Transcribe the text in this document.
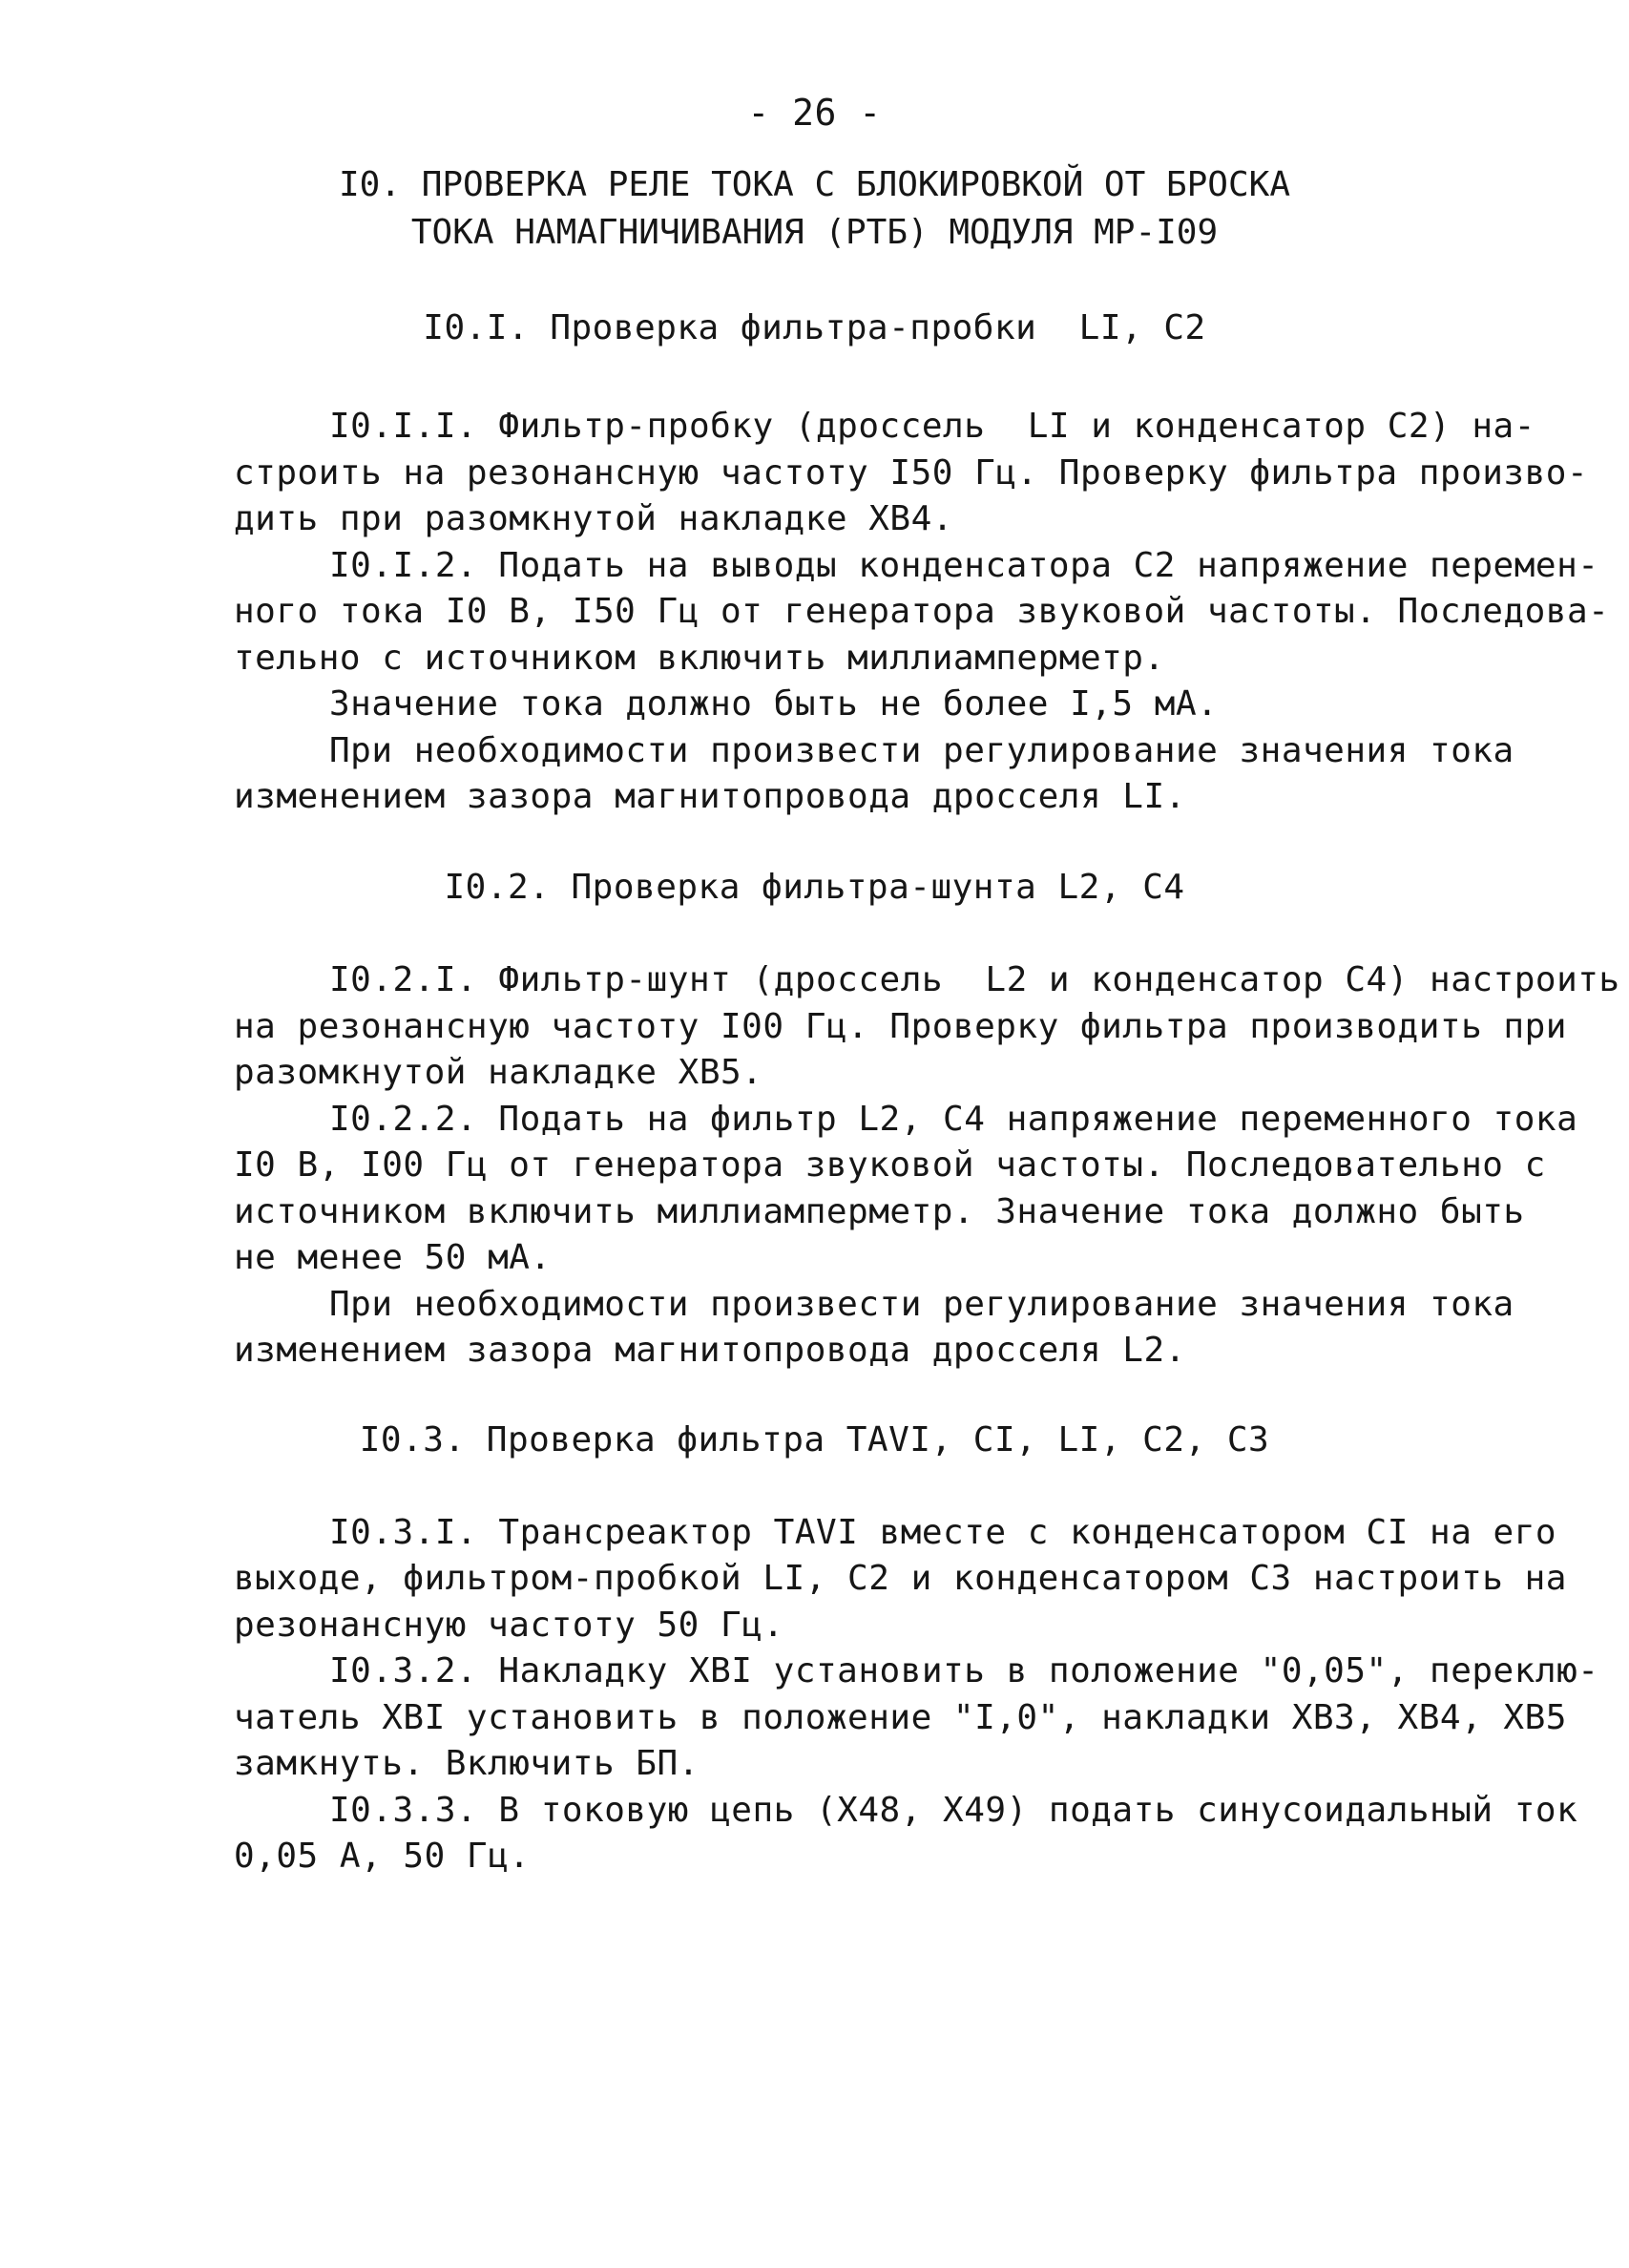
- 26 -
I0. ПРОВЕРКА РЕЛЕ ТОКА С БЛОКИРОВКОЙ ОТ БРОСКА
ТОКА НАМАГНИЧИВАНИЯ (РТБ) МОДУЛЯ МР-I09
I0.I. Проверка фильтра-пробки  LI, C2
I0.I.I. Фильтр-пробку (дроссель  LI и конденсатор C2) на-
строить на резонансную частоту I50 Гц. Проверку фильтра произво-
дить при разомкнутой накладке ХВ4.
I0.I.2. Подать на выводы конденсатора C2 напряжение перемен-
ного тока I0 В, I50 Гц от генератора звуковой частоты. Последова-
тельно с источником включить миллиамперметр.
Значение тока должно быть не более I,5 мА.
При необходимости произвести регулирование значения тока
изменением зазора магнитопровода дросселя LI.
I0.2. Проверка фильтра-шунта L2, C4
I0.2.I. Фильтр-шунт (дроссель  L2 и конденсатор C4) настроить
на резонансную частоту I00 Гц. Проверку фильтра производить при
разомкнутой накладке ХВ5.
I0.2.2. Подать на фильтр L2, C4 напряжение переменного тока
I0 В, I00 Гц от генератора звуковой частоты. Последовательно с
источником включить миллиамперметр. Значение тока должно быть
не менее 50 мА.
При необходимости произвести регулирование значения тока
изменением зазора магнитопровода дросселя L2.
I0.3. Проверка фильтра TAVI, CI, LI, C2, C3
I0.3.I. Трансреактор TAVI вместе с конденсатором CI на его
выходе, фильтром-пробкой LI, C2 и конденсатором C3 настроить на
резонансную частоту 50 Гц.
I0.3.2. Накладку ХВI установить в положение "0,05", переклю-
чатель ХВI установить в положение "I,0", накладки ХВ3, ХВ4, ХВ5
замкнуть. Включить БП.
I0.3.3. В токовую цепь (Х48, Х49) подать синусоидальный ток
0,05 А, 50 Гц.
